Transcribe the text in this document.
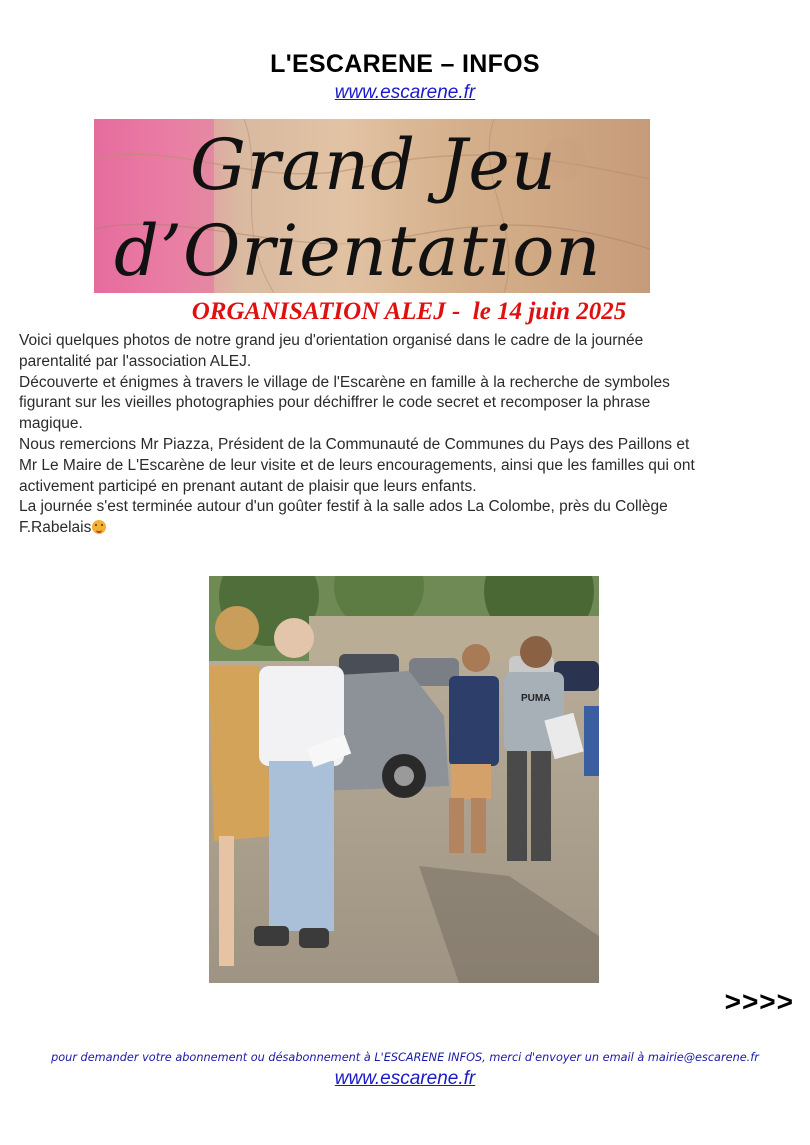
L'ESCARENE – INFOS
www.escarene.fr
Grand Jeu
d’Orientation
ORGANISATION ALEJ -  le 14 juin 2025

Voici quelques photos de notre grand jeu d'orientation organisé dans le cadre de la journée parentalité par l'association ALEJ.

Découverte et énigmes à travers le village de l'Escarène en famille à la recherche de symboles figurant sur les vieilles photographies pour déchiffrer le code secret et recomposer la phrase magique.

Nous remercions Mr Piazza, Président de la Communauté de Communes du Pays des Paillons et Mr Le Maire de L'Escarène de leur visite et de leurs encouragements, ainsi que les familles qui ont activement participé en prenant autant de plaisir que leurs enfants.

La journée s'est terminée autour d'un goûter festif à la salle ados La Colombe, près du Collège F.Rabelais

PUMA
>>>>
pour demander votre abonnement ou désabonnement à L'ESCARENE INFOS, merci d'envoyer un email à mairie@escarene.fr
www.escarene.fr
